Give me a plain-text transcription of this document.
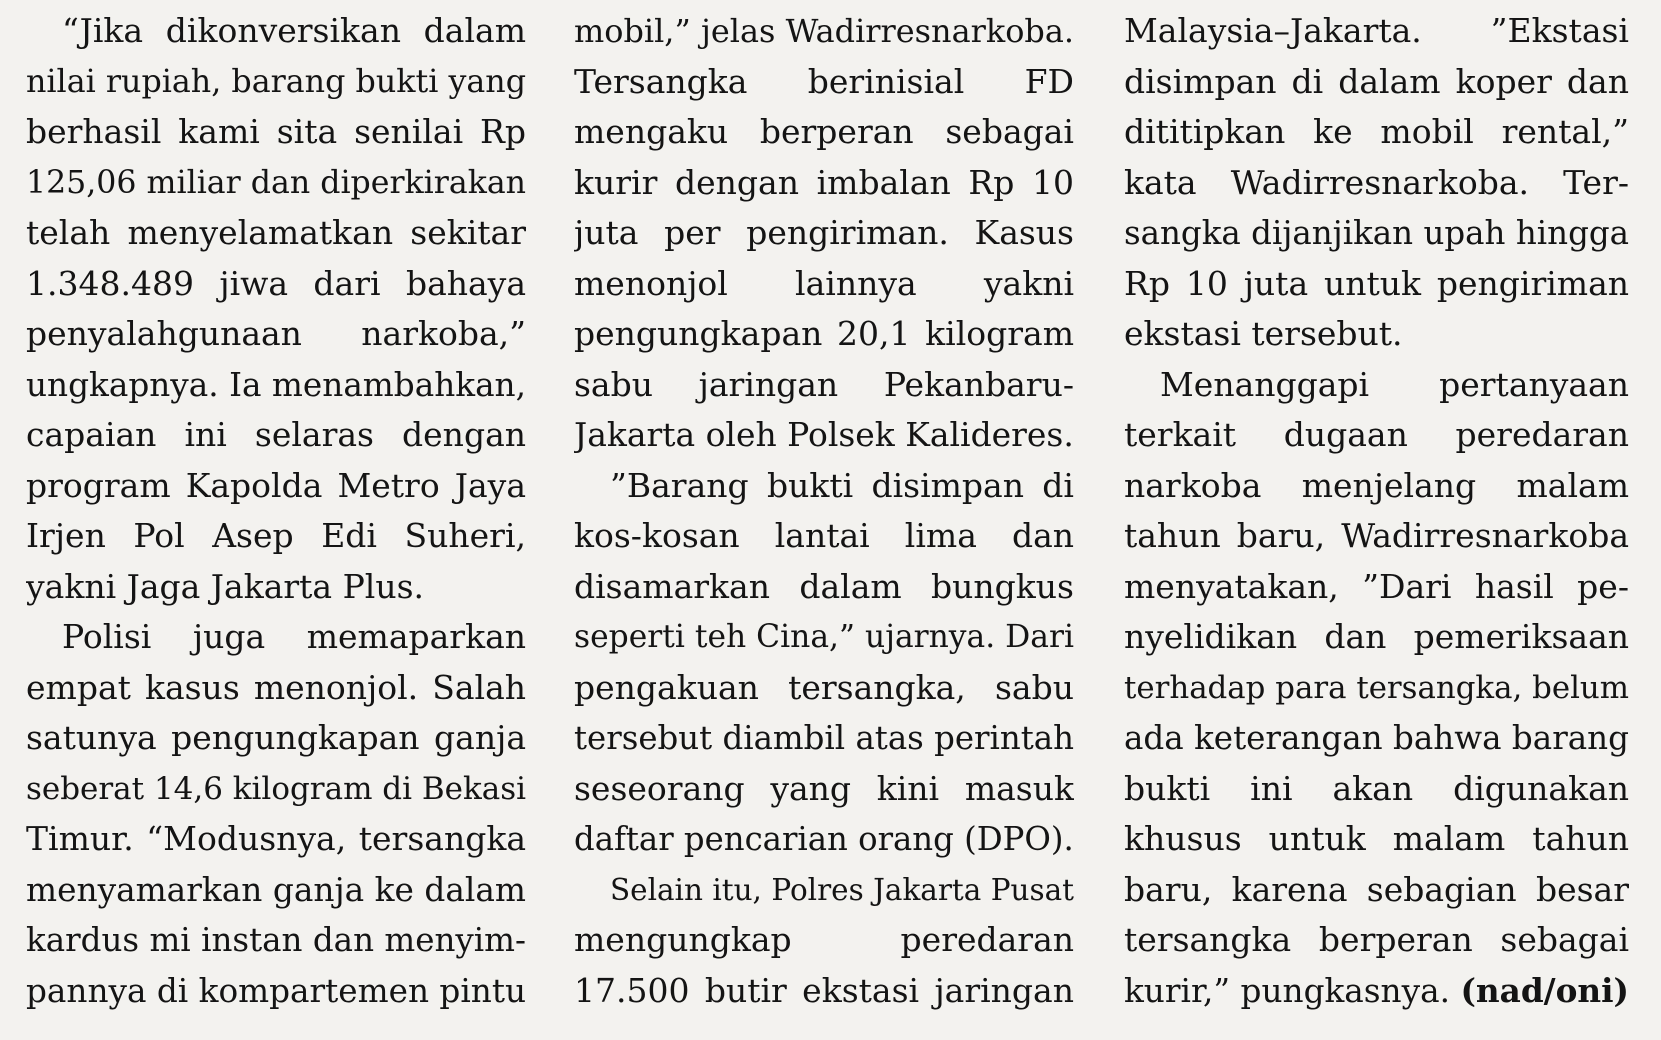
“Jika dikonversikan dalam
nilai rupiah, barang bukti yang
berhasil kami sita senilai Rp
125,06 miliar dan diperkirakan
telah menyelamatkan sekitar
1.348.489 jiwa dari bahaya
penyalahgunaan narkoba,”
ungkapnya. Ia menambahkan,
capaian ini selaras dengan
program Kapolda Metro Jaya
Irjen Pol Asep Edi Suheri,
yakni Jaga Jakarta Plus.
Polisi juga memaparkan
empat kasus menonjol. Salah
satunya pengungkapan ganja
seberat 14,6 kilogram di Bekasi
Timur. “Modusnya, tersangka
menyamarkan ganja ke dalam
kardus mi instan dan menyim-
pannya di kompartemen pintu
mobil,” jelas Wadirresnarkoba.
Tersangka berinisial FD
mengaku berperan sebagai
kurir dengan imbalan Rp 10
juta per pengiriman. Kasus
menonjol lainnya yakni
pengungkapan 20,1 kilogram
sabu jaringan Pekanbaru-
Jakarta oleh Polsek Kalideres.
”Barang bukti disimpan di
kos-kosan lantai lima dan
disamarkan dalam bungkus
seperti teh Cina,” ujarnya. Dari
pengakuan tersangka, sabu
tersebut diambil atas perintah
seseorang yang kini masuk
daftar pencarian orang (DPO).
Selain itu, Polres Jakarta Pusat
mengungkap peredaran
17.500 butir ekstasi jaringan
Malaysia–Jakarta. ”Ekstasi
disimpan di dalam koper dan
dititipkan ke mobil rental,”
kata Wadirresnarkoba. Ter-
sangka dijanjikan upah hingga
Rp 10 juta untuk pengiriman
ekstasi tersebut.
Menanggapi pertanyaan
terkait dugaan peredaran
narkoba menjelang malam
tahun baru, Wadirresnarkoba
menyatakan, ”Dari hasil pe-
nyelidikan dan pemeriksaan
terhadap para tersangka, belum
ada keterangan bahwa barang
bukti ini akan digunakan
khusus untuk malam tahun
baru, karena sebagian besar
tersangka berperan sebagai
kurir,” pungkasnya. (nad/oni)
